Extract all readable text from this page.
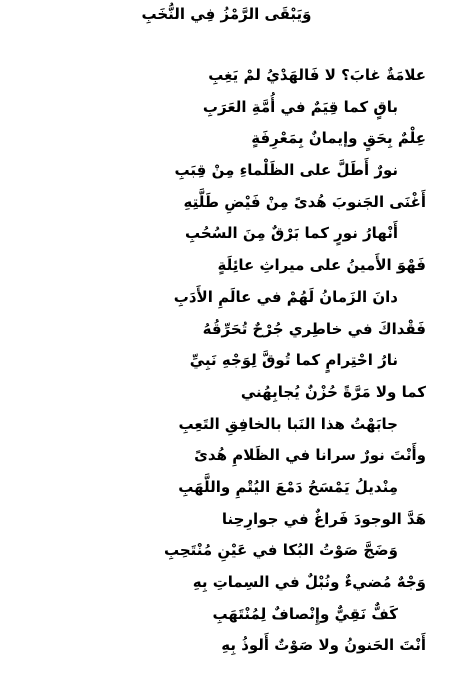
وَيَبْقَى الرَّمْزُ فِي النُّخَبِ
علامَةٌ غابَ؟ لا فَالهَدْيُ لمْ يَغِبِ
باقٍ كما قِيَمٌ في أُمَّةِ العَرَبِ
عِلْمٌ بِحَقٍ وإيمانٌ بِمَعْرِفَةٍ
نورٌ أَطَلَّ على الظَلْماءِ مِنْ قِبَبِ
أَغْنَى الجَنوبَ هُدىً مِنْ فَيْضِ طَلَّتِهِ
أَنْهارُ نورٍ كما بَرْقٌ مِنَ السُحُبِ
فَهْوَ الأَمينُ على ميراثِ عائِلَةٍ
دانَ الزَمانُ لَهُمْ في عالَمِ الأَدَبِ
فَقْداكَ في خاطِري جُرْحٌ تُحَرِّقُهُ
نارُ احْتِرامٍ كما تُوقَّ لِوَجْهِ نَبِيِّ
كما ولا مَرَّةً حُزْنٌ يُجابِهُني
جابَهْتُ هذا النَبا بالخافِقِ التَعِبِ
وأَنْتَ نورٌ سرانا في الظَلامِ هُدىً
مِنْديلُ يَمْسَحُ دَمْعَ اليُتْمِ واللَّهَبِ
هَدَّ الوجودَ فَراغٌ في جوارِحِنا
وَضَجَّ صَوْتُ البُكا في عَيْنِ مُنْتَحِبِ
وَجْهٌ مُضيءٌ ونُبْلٌ في السِماتِ بِهِ
كَفٌّ نَقِيٌّ وإِنْصافٌ لِمُنْتَهَبِ
أَنْتَ الحَنونُ ولا صَوْتٌ أَلوذُ بِهِ
